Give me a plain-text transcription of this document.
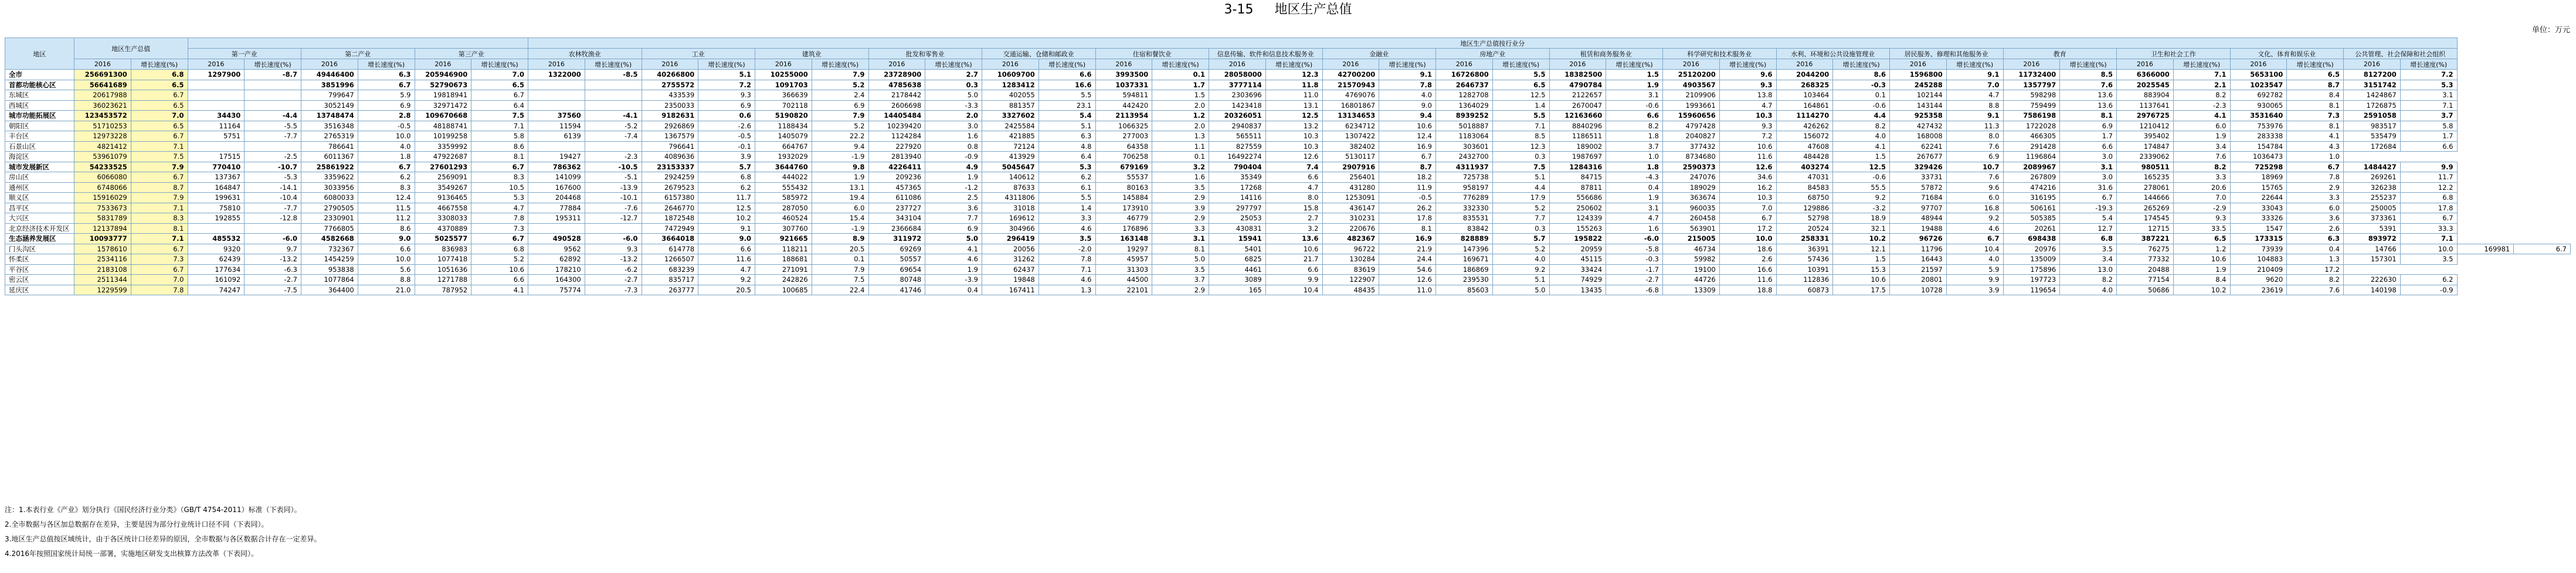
3-15 地区生产总值
单位：万元
地区	地区生产总值								地区生产总值按行业分																																			
			第一产业		第二产业		第三产业		农林牧渔业		工业		建筑业		批发和零售业		交通运输、仓储和邮政业		住宿和餐饮业		信息传输、软件和信息技术服务业		金融业		房地产业		租赁和商务服务业		科学研究和技术服务业		水利、环境和公共设施管理业		居民服务、修理和其他服务业		教育		卫生和社会工作		文化、体育和娱乐业		公共管理、社会保障和社会组织			
	2016	增长速度(%)	2016	增长速度(%)	2016	增长速度(%)	2016	增长速度(%)	2016	增长速度(%)	2016	增长速度(%)	2016	增长速度(%)	2016	增长速度(%)	2016	增长速度(%)	2016	增长速度(%)	2016	增长速度(%)	2016	增长速度(%)	2016	增长速度(%)	2016	增长速度(%)	2016	增长速度(%)	2016	增长速度(%)	2016	增长速度(%)	2016	增长速度(%)	2016	增长速度(%)	2016	增长速度(%)	2016	增长速度(%)		
全市	256691300	6.8	1297900	-8.7	49446400	6.3	205946900	7.0	1322000	-8.5	40266800	5.1	10255000	7.9	23728900	2.7	10609700	6.6	3993500	0.1	28058000	12.3	42700200	9.1	16726800	5.5	18382500	1.5	25120200	9.6	2044200	8.6	1596800	9.1	11732400	8.5	6366000	7.1	5653100	6.5	8127200	7.2		
首都功能核心区	56641689	6.5			3851996	6.7	52790673	6.5			2755572	7.2	1091703	5.2	4785638	0.3	1283412	16.6	1037331	1.7	3777114	11.8	21570943	7.8	2646737	6.5	4790784	1.9	4903567	9.3	268325	-0.3	245288	7.0	1357797	7.6	2025545	2.1	1023547	8.7	3151742	5.3		
东城区	20617988	6.7			799647	5.9	19818941	6.7			433539	9.3	366639	2.4	2178442	5.0	402055	5.5	594811	1.5	2303696	11.0	4769076	4.0	1282708	12.5	2122657	3.1	2109906	13.8	103464	0.1	102144	4.7	598298	13.6	883904	8.2	692782	8.4	1424867	3.1		
西城区	36023621	6.5			3052149	6.9	32971472	6.4			2350033	6.9	702118	6.9	2606698	-3.3	881357	23.1	442420	2.0	1423418	13.1	16801867	9.0	1364029	1.4	2670047	-0.6	1993661	4.7	164861	-0.6	143144	8.8	759499	13.6	1137641	-2.3	930065	8.1	1726875	7.1		
城市功能拓展区	123453572	7.0	34430	-4.4	13748474	2.8	109670668	7.5	37560	-4.1	9182631	0.6	5190820	7.9	14405484	2.0	3327602	5.4	2113954	1.2	20326051	12.5	13134653	9.4	8939252	5.5	12163660	6.6	15960656	10.3	1114270	4.4	925358	9.1	7586198	8.1	2976725	4.1	3531640	7.3	2591058	3.7		
朝阳区	51710253	6.5	11164	-5.5	3516348	-0.5	48188741	7.1	11594	-5.2	2926869	-2.6	1188434	5.2	10239420	3.0	2425584	5.1	1066325	2.0	2940837	13.2	6234712	10.6	5018887	7.1	8840296	8.2	4797428	9.3	426262	8.2	427432	11.3	1722028	6.9	1210412	6.0	753976	8.1	983517	5.8		
丰台区	12973228	6.7	5751	-7.7	2765319	10.0	10199258	5.8	6139	-7.4	1367579	-0.5	1405079	22.2	1124284	1.6	421885	6.3	277003	1.3	565511	10.3	1307422	12.4	1183064	8.5	1186511	1.8	2040827	7.2	156072	4.0	168008	8.0	466305	1.7	395402	1.9	283338	4.1	535479	1.7		
石景山区	4821412	7.1			786641	4.0	3359992	8.6			796641	-0.1	664767	9.4	227920	0.8	72124	4.8	64358	1.1	827559	10.3	382402	16.9	303601	12.3	189002	3.7	377432	10.6	47608	4.1	62241	7.6	291428	6.6	174847	3.4	154784	4.3	172684	6.6		
海淀区	53961079	7.5	17515	-2.5	6011367	1.8	47922687	8.1	19427	-2.3	4089636	3.9	1932029	-1.9	2813940	-0.9	413929	6.4	706258	0.1	16492274	12.6	5130117	6.7	2432700	0.3	1987697	1.0	8734680	11.6	484428	1.5	267677	6.9	1196864	3.0	2339062	7.6	1036473	1.0				
城市发展新区	54233525	7.9	770410	-10.7	25861922	6.7	27601293	6.7	786362	-10.5	23153337	5.7	3644760	9.8	4226411	4.9	5045647	5.3	679169	3.2	790404	7.4	2907916	8.7	4311937	7.5	1284316	1.8	2590373	12.6	403274	12.5	329426	10.7	2089967	3.1	980511	8.2	725298	6.7	1484427	9.9		
房山区	6066080	6.7	137367	-5.3	3359622	6.2	2569091	8.3	141099	-5.1	2924259	6.8	444022	1.9	209236	1.9	140612	6.2	55537	1.6	35349	6.6	256401	18.2	725738	5.1	84715	-4.3	247076	34.6	47031	-0.6	33731	7.6	267809	3.0	165235	3.3	18969	7.8	269261	11.7		
通州区	6748066	8.7	164847	-14.1	3033956	8.3	3549267	10.5	167600	-13.9	2679523	6.2	555432	13.1	457365	-1.2	87633	6.1	80163	3.5	17268	4.7	431280	11.9	958197	4.4	87811	0.4	189029	16.2	84583	55.5	57872	9.6	474216	31.6	278061	20.6	15765	2.9	326238	12.2		
顺义区	15916029	7.9	199631	-10.4	6080033	12.4	9136465	5.3	204468	-10.1	6157380	11.7	585972	19.4	611086	2.5	4311806	5.5	145884	2.9	14116	8.0	1253091	-0.5	776289	17.9	556686	1.9	363674	10.3	68750	9.2	71684	6.0	316195	6.7	144666	7.0	22644	3.3	255237	6.8		
昌平区	7533673	7.1	75810	-7.7	2790505	11.5	4667558	4.7	77884	-7.6	2646770	12.5	287050	6.0	237727	3.6	31018	1.4	173910	3.9	297797	15.8	436147	26.2	332330	5.2	250602	3.1	960035	7.0	129886	-3.2	97707	16.8	506161	-19.3	265269	-2.9	33043	6.0	250005	17.8		
大兴区	5831789	8.3	192855	-12.8	2330901	11.2	3308033	7.8	195311	-12.7	1872548	10.2	460524	15.4	343104	7.7	169612	3.3	46779	2.9	25053	2.7	310231	17.8	835531	7.7	124339	4.7	260458	6.7	52798	18.9	48944	9.2	505385	5.4	174545	9.3	33326	3.6	373361	6.7		
北京经济技术开发区	12137894	8.1			7766805	8.6	4370889	7.3			7472949	9.1	307760	-1.9	2366684	6.9	304966	4.6	176896	3.3	430831	3.2	220676	8.1	83842	0.3	155263	1.6	563901	17.2	20524	32.1	19488	4.6	20261	12.7	12715	33.5	1547	2.6	5391	33.3		
生态涵养发展区	10093777	7.1	485532	-6.0	4582668	9.0	5025577	6.7	490528	-6.0	3664018	9.0	921665	8.9	311972	5.0	296419	3.5	163148	3.1	15941	13.6	482367	16.9	828889	5.7	195822	-6.0	215005	10.0	258331	10.2	96726	6.7	698438	6.8	387221	6.5	173315	6.3	893972	7.1		
门头沟区	1578610	6.7	9320	9.7	732367	6.6	836983	6.8	9562	9.3	614778	6.6	118211	20.5	69269	4.1	20056	-2.0	19297	8.1	5401	10.6	96722	21.9	147396	5.2	20959	-5.8	46734	18.6	36391	12.1	11796	10.4	20976	3.5	76275	1.2	73939	0.4	14766	10.0	169981	6.7
怀柔区	2534116	7.3	62439	-13.2	1454259	10.0	1077418	5.2	62892	-13.2	1266507	11.6	188681	0.1	50557	4.6	31262	7.8	45957	5.0	6825	21.7	130284	24.4	169671	4.0	45115	-0.3	59982	2.6	57436	1.5	16443	4.0	135009	3.4	77332	10.6	104883	1.3	157301	3.5		
平谷区	2183108	6.7	177634	-6.3	953838	5.6	1051636	10.6	178210	-6.2	683239	4.7	271091	7.9	69654	1.9	62437	7.1	31303	3.5	4461	6.6	83619	54.6	186869	9.2	33424	-1.7	19100	16.6	10391	15.3	21597	5.9	175896	13.0	20488	1.9	210409	17.2				
密云区	2511344	7.0	161092	-2.7	1077864	8.8	1271788	6.6	164300	-2.7	835717	9.2	242826	7.5	80748	-3.9	19848	4.6	44500	3.7	3089	9.9	122907	12.6	239530	5.1	74929	-2.7	44726	11.6	112836	10.6	20801	9.9	197723	8.2	77154	8.4	9620	8.2	222630	6.2		
延庆区	1229599	7.8	74247	-7.5	364400	21.0	787952	4.1	75774	-7.3	263777	20.5	100685	22.4	41746	0.4	167411	1.3	22101	2.9	165	10.4	48435	11.0	85603	5.0	13435	-6.8	13309	18.8	60873	17.5	10728	3.9	119654	4.0	50686	10.2	23619	7.6	140198	-0.9		
注：1.本表行业《产业》划分执行《国民经济行业分类》（GB/T 4754-2011）标准（下表同）。
2.全市数据与各区加总数据存在差异，主要是因为部分行业统计口径不同（下表同）。
3.地区生产总值按区域统计，由于各区统计口径差异的原因，全市数据与各区数据合计存在一定差异。
4.2016年按照国家统计局统一部署，实施地区研发支出核算方法改革（下表同）。
